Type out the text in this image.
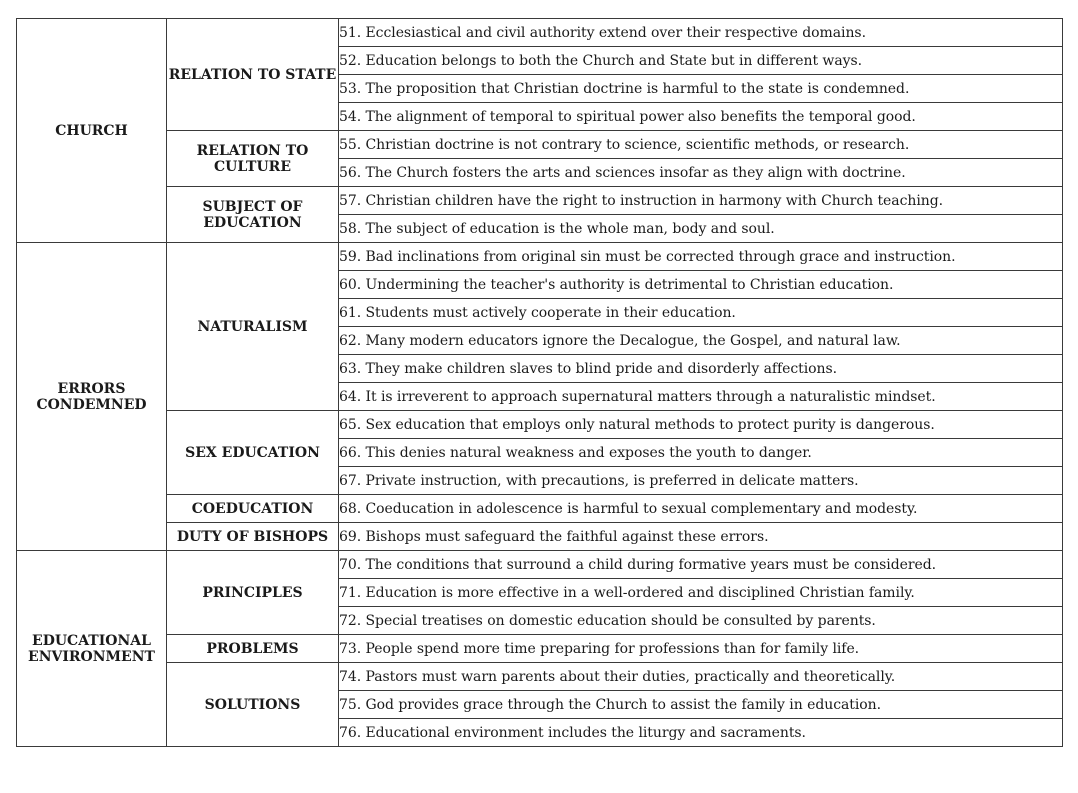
CHURCH	RELATION TO STATE	51. Ecclesiastical and civil authority extend over their respective domains.
		52. Education belongs to both the Church and State but in different ways.
		53. The proposition that Christian doctrine is harmful to the state is condemned.
		54. The alignment of temporal to spiritual power also benefits the temporal good.
	RELATION TO CULTURE	55. Christian doctrine is not contrary to science, scientific methods, or research.
		56. The Church fosters the arts and sciences insofar as they align with doctrine.
	SUBJECT OF EDUCATION	57. Christian children have the right to instruction in harmony with Church teaching.
		58. The subject of education is the whole man, body and soul.
ERRORS CONDEMNED	NATURALISM	59. Bad inclinations from original sin must be corrected through grace and instruction.
		60. Undermining the teacher's authority is detrimental to Christian education.
		61. Students must actively cooperate in their education.
		62. Many modern educators ignore the Decalogue, the Gospel, and natural law.
		63. They make children slaves to blind pride and disorderly affections.
		64. It is irreverent to approach supernatural matters through a naturalistic mindset.
	SEX EDUCATION	65. Sex education that employs only natural methods to protect purity is dangerous.
		66. This denies natural weakness and exposes the youth to danger.
		67. Private instruction, with precautions, is preferred in delicate matters.
	COEDUCATION	68. Coeducation in adolescence is harmful to sexual complementary and modesty.
	DUTY OF BISHOPS	69. Bishops must safeguard the faithful against these errors.
EDUCATIONAL ENVIRONMENT	PRINCIPLES	70. The conditions that surround a child during formative years must be considered.
		71. Education is more effective in a well-ordered and disciplined Christian family.
		72. Special treatises on domestic education should be consulted by parents.
	PROBLEMS	73. People spend more time preparing for professions than for family life.
	SOLUTIONS	74. Pastors must warn parents about their duties, practically and theoretically.
		75. God provides grace through the Church to assist the family in education.
		76. Educational environment includes the liturgy and sacraments.
